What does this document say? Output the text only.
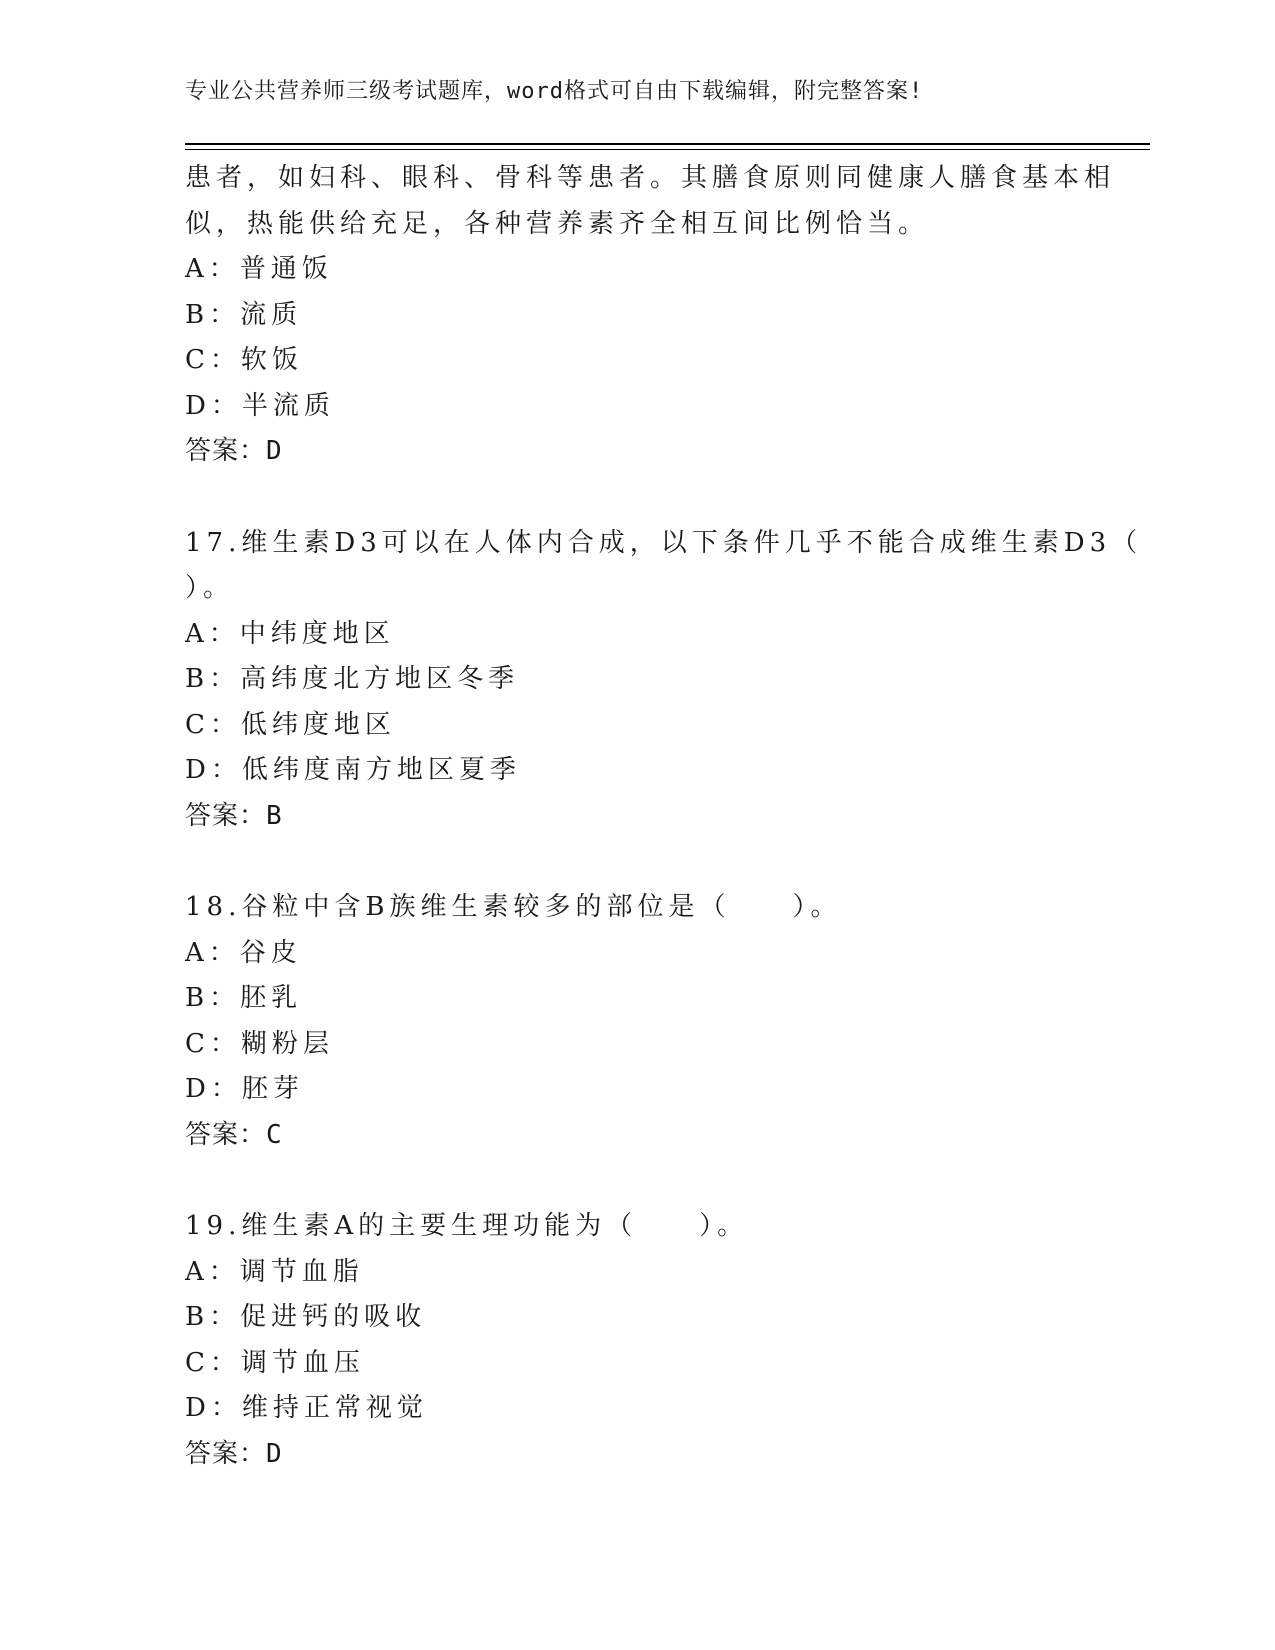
专业公共营养师三级考试题库，word格式可自由下载编辑，附完整答案!
患者，如妇科、眼科、骨科等患者。其膳食原则同健康人膳食基本相
似，热能供给充足，各种营养素齐全相互间比例恰当。
A：普通饭
B：流质
C：软饭
D：半流质
答案：D
17.维生素D3可以在人体内合成，以下条件几乎不能合成维生素D3（
）。
A：中纬度地区
B：高纬度北方地区冬季
C：低纬度地区
D：低纬度南方地区夏季
答案：B
18.谷粒中含B族维生素较多的部位是（　　）。
A：谷皮
B：胚乳
C：糊粉层
D：胚芽
答案：C
19.维生素A的主要生理功能为（　　）。
A：调节血脂
B：促进钙的吸收
C：调节血压
D：维持正常视觉
答案：D
